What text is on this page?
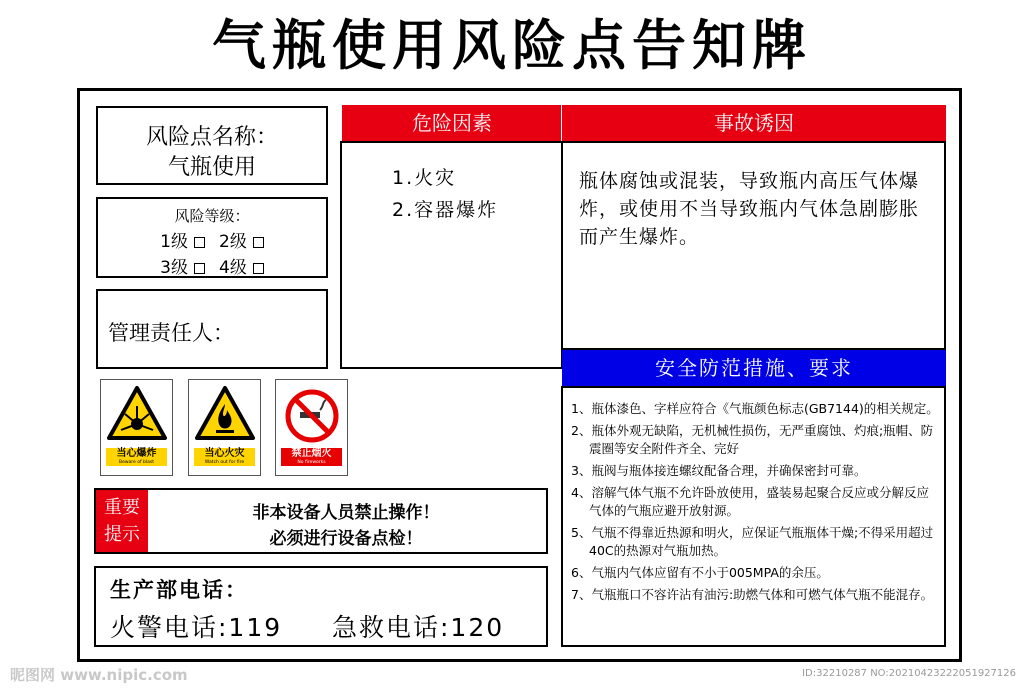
气瓶使用风险点告知牌
风险点名称：
气瓶使用
风险等级：
1级 2级
3级 4级
管理责任人：
当心爆炸
Beware of blast
当心火灾
Watch out for fire
禁止烟火
No fireworks
重要
提示
非本设备人员禁止操作！
必须进行设备点检！
生产部电话：
火警电话:119 急救电话:120
危险因素	事故诱因
1.火灾
2.容器爆炸
瓶体腐蚀或混装，导致瓶内高压气体爆炸，或使用不当导致瓶内气体急剧膨胀而产生爆炸。
安全防范措施、要求
1、瓶体漆色、字样应符合《气瓶颜色标志(GB7144)的相关规定。
2、瓶体外观无缺陷，无机械性损伤，无严重腐蚀、灼痕;瓶帽、防震圈等安全附件齐全、完好
3、瓶阀与瓶体接连螺纹配备合理，并确保密封可靠。
4、溶解气体气瓶不允许卧放使用，盛装易起聚合反应或分解反应气体的气瓶应避开放射源。
5、气瓶不得靠近热源和明火，应保证气瓶瓶体干燥;不得采用超过40C的热源对气瓶加热。
6、气瓶内气体应留有不小于005MPA的余压。
7、气瓶瓶口不容许沾有油污:助燃气体和可燃气体气瓶不能混存。
昵图网 www.nipic.com	ID:32210287 NO:20210423222051927126
